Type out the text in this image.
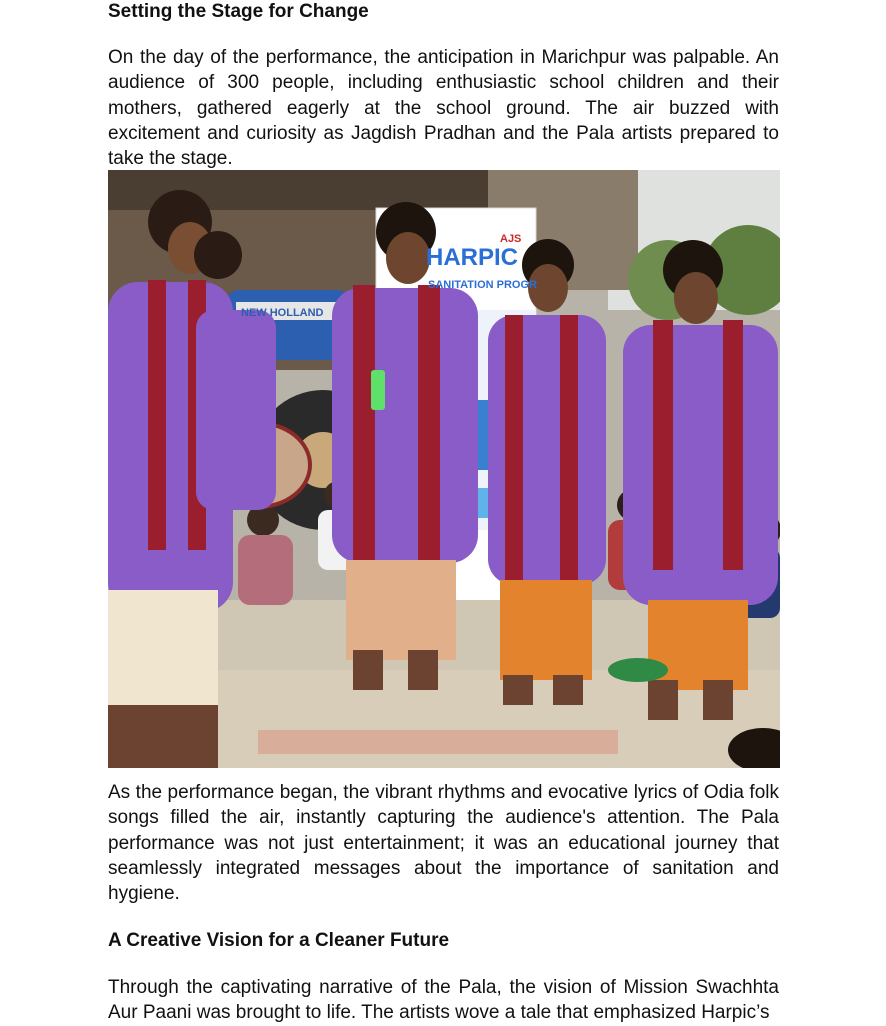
Setting the Stage for Change

On the day of the performance, the anticipation in Marichpur was palpable. An audience of 300 people, including enthusiastic school children and their mothers, gathered eagerly at the school ground. The air buzzed with excitement and curiosity as Jagdish Pradhan and the Pala artists prepared to take the stage.

HARPIC
SANITATION PROGR
AJS
NEW HOLLAND

As the performance began, the vibrant rhythms and evocative lyrics of Odia folk songs filled the air, instantly capturing the audience's attention. The Pala performance was not just entertainment; it was an educational journey that seamlessly integrated messages about the importance of sanitation and hygiene.

A Creative Vision for a Cleaner Future

Through the captivating narrative of the Pala, the vision of Mission Swachhta Aur Paani was brought to life. The artists wove a tale that emphasized Harpic’s
